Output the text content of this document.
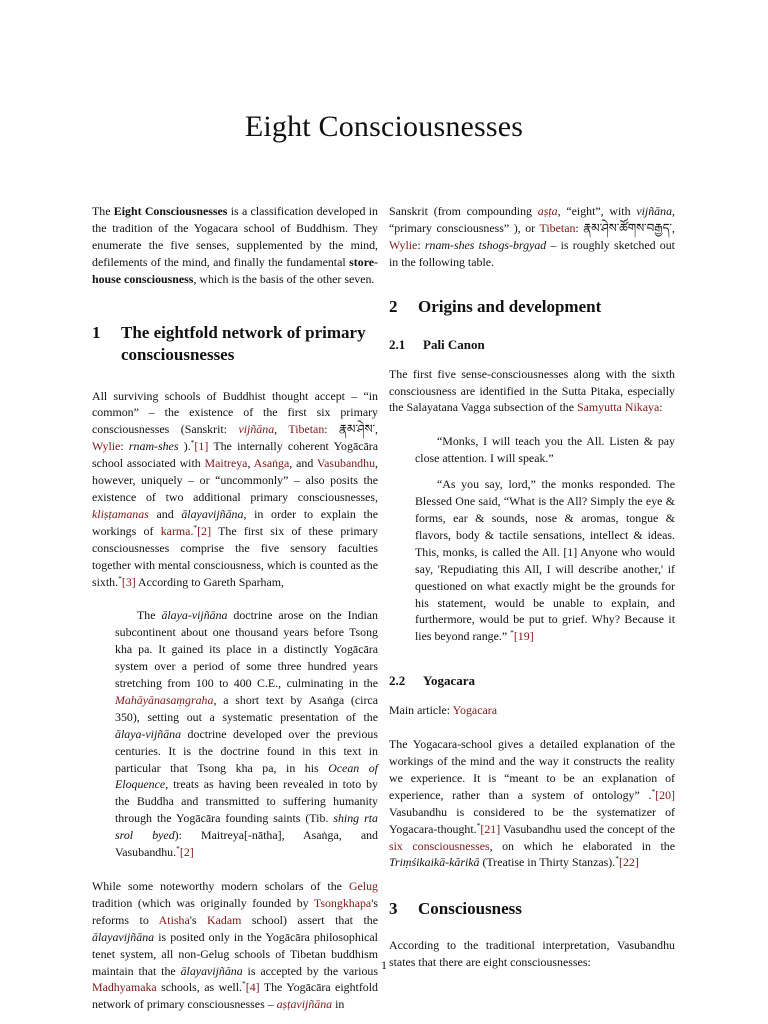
Eight Consciousnesses

The Eight Consciousnesses is a classification developed in the tradition of the Yogacara school of Buddhism. They enumerate the five senses, supplemented by the mind, defilements of the mind, and finally the fundamental store-house consciousness, which is the basis of the other seven.

1	The eightfold network of primary consciousnesses

All surviving schools of Buddhist thought accept – “in common” – the existence of the first six primary consciousnesses (Sanskrit: vijñāna, Tibetan: རྣམ་ཤེས་, Wylie: rnam-shes ).*[1] The internally coherent Yogācāra school associated with Maitreya, Asaṅga, and Vasubandhu, however, uniquely – or “uncommonly” – also posits the existence of two additional primary consciousnesses, kliṣṭamanas and ālayavijñāna, in order to explain the workings of karma.*[2] The first six of these primary consciousnesses comprise the five sensory faculties together with mental consciousness, which is counted as the sixth.*[3] According to Gareth Sparham,

The ālaya-vijñāna doctrine arose on the Indian subcontinent about one thousand years before Tsong kha pa. It gained its place in a distinctly Yogācāra system over a period of some three hundred years stretching from 100 to 400 C.E., culminating in the Mahāyānasaṃgraha, a short text by Asaṅga (circa 350), setting out a systematic presentation of the ālaya-vijñāna doctrine developed over the previous centuries. It is the doctrine found in this text in particular that Tsong kha pa, in his Ocean of Eloquence, treats as having been revealed in toto by the Buddha and transmitted to suffering humanity through the Yogācāra founding saints (Tib. shing rta srol byed): Maitreya[-nātha], Asaṅga, and Vasubandhu.*[2]

While some noteworthy modern scholars of the Gelug tradition (which was originally founded by Tsongkhapa's reforms to Atisha's Kadam school) assert that the ālayavijñāna is posited only in the Yogācāra philosophical tenet system, all non-Gelug schools of Tibetan buddhism maintain that the ālayavijñāna is accepted by the various Madhyamaka schools, as well.*[4] The Yogācāra eightfold network of primary consciousnesses – aṣṭavijñāna in

Sanskrit (from compounding aṣṭa, “eight”, with vijñāna, “primary consciousness” ), or Tibetan: རྣམ་ཤེས་ཚོགས་བརྒྱད་, Wylie: rnam-shes tshogs-brgyad – is roughly sketched out in the following table.

2	Origins and development
2.1	Pali Canon

The first five sense-consciousnesses along with the sixth consciousness are identified in the Sutta Pitaka, especially the Salayatana Vagga subsection of the Samyutta Nikaya:

“Monks, I will teach you the All. Listen & pay close attention. I will speak.”

“As you say, lord,” the monks responded. The Blessed One said, “What is the All? Simply the eye & forms, ear & sounds, nose & aromas, tongue & flavors, body & tactile sensations, intellect & ideas. This, monks, is called the All. [1] Anyone who would say, 'Repudiating this All, I will describe another,' if questioned on what exactly might be the grounds for his statement, would be unable to explain, and furthermore, would be put to grief. Why? Because it lies beyond range.” *[19]

2.2	Yogacara

Main article: Yogacara

The Yogacara-school gives a detailed explanation of the workings of the mind and the way it constructs the reality we experience. It is “meant to be an explanation of experience, rather than a system of ontology” .*[20] Vasubandhu is considered to be the systematizer of Yogacara-thought.*[21] Vasubandhu used the concept of the six consciousnesses, on which he elaborated in the Triṃśikaikā-kārikā (Treatise in Thirty Stanzas).*[22]

3	Consciousness

According to the traditional interpretation, Vasubandhu states that there are eight consciousnesses:

1
